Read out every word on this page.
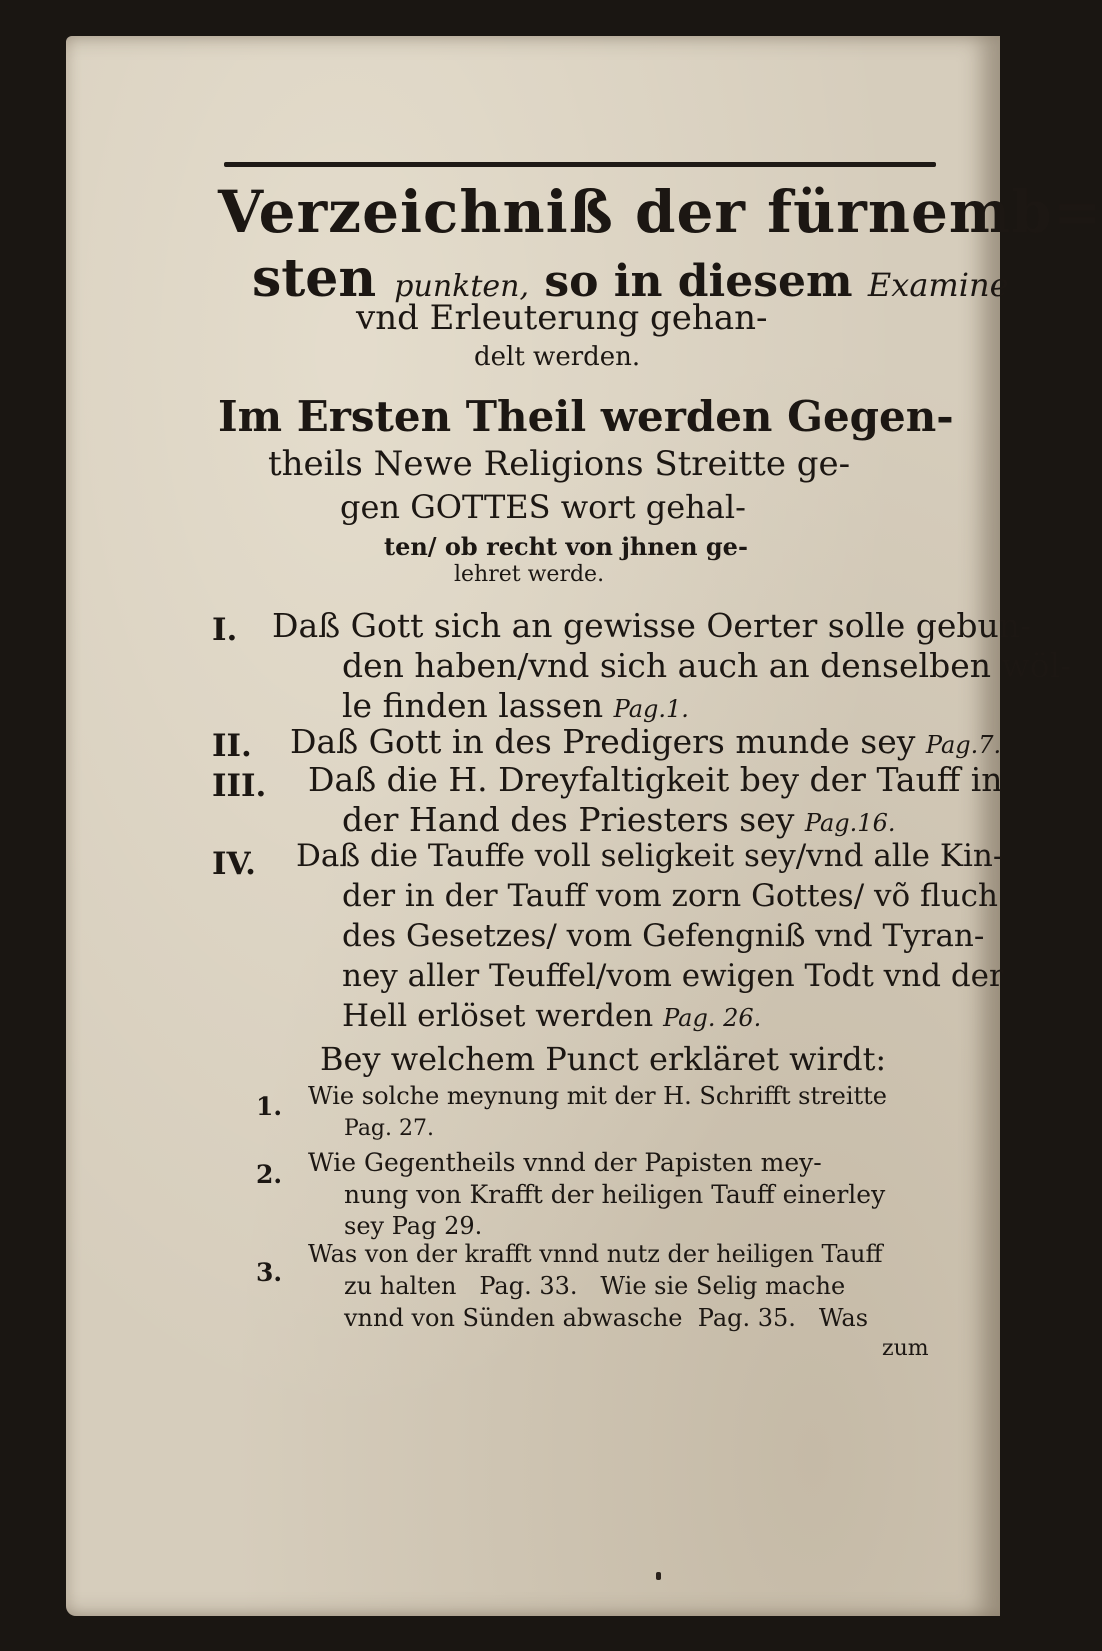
Verzeichniß der fürnemb=
sten punkten, so in diesem Examine
vnd Erleuterung gehan-
delt werden.
Im Ersten Theil werden Gegen-
theils Newe Religions Streitte ge-
gen GOTTES wort gehal-
ten/ ob recht von jhnen ge-
lehret werde.
I. Daß Gott sich an gewisse Oerter solle gebun-
den haben/vnd sich auch an denselben wöl-
le finden lassen Pag.1.
II. Daß Gott in des Predigers munde sey Pag.7.
III. Daß die H. Dreyfaltigkeit bey der Tauff in
der Hand des Priesters sey Pag.16.
IV. Daß die Tauffe voll seligkeit sey/vnd alle Kin-
der in der Tauff vom zorn Gottes/ võ fluch
des Gesetzes/ vom Gefengniß vnd Tyran-
ney aller Teuffel/vom ewigen Todt vnd der
Hell erlöset werden Pag. 26.
Bey welchem Punct erkläret wirdt:
1. Wie solche meynung mit der H. Schrifft streitte
Pag. 27.
2. Wie Gegentheils vnnd der Papisten mey-
nung von Krafft der heiligen Tauff einerley
sey Pag 29.
3.
Was von der krafft vnnd nutz der heiligen Tauff
zu halten   Pag. 33.   Wie sie Selig mache
vnnd von Sünden abwasche  Pag. 35.   Was
zum
